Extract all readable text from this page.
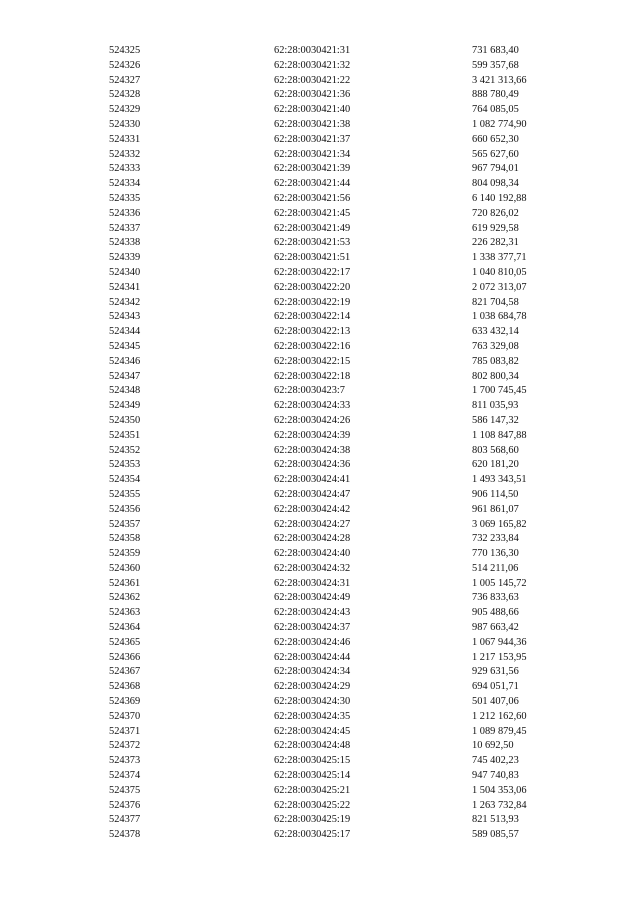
524325	62:28:0030421:31	731 683,40
524326	62:28:0030421:32	599 357,68
524327	62:28:0030421:22	3 421 313,66
524328	62:28:0030421:36	888 780,49
524329	62:28:0030421:40	764 085,05
524330	62:28:0030421:38	1 082 774,90
524331	62:28:0030421:37	660 652,30
524332	62:28:0030421:34	565 627,60
524333	62:28:0030421:39	967 794,01
524334	62:28:0030421:44	804 098,34
524335	62:28:0030421:56	6 140 192,88
524336	62:28:0030421:45	720 826,02
524337	62:28:0030421:49	619 929,58
524338	62:28:0030421:53	226 282,31
524339	62:28:0030421:51	1 338 377,71
524340	62:28:0030422:17	1 040 810,05
524341	62:28:0030422:20	2 072 313,07
524342	62:28:0030422:19	821 704,58
524343	62:28:0030422:14	1 038 684,78
524344	62:28:0030422:13	633 432,14
524345	62:28:0030422:16	763 329,08
524346	62:28:0030422:15	785 083,82
524347	62:28:0030422:18	802 800,34
524348	62:28:0030423:7	1 700 745,45
524349	62:28:0030424:33	811 035,93
524350	62:28:0030424:26	586 147,32
524351	62:28:0030424:39	1 108 847,88
524352	62:28:0030424:38	803 568,60
524353	62:28:0030424:36	620 181,20
524354	62:28:0030424:41	1 493 343,51
524355	62:28:0030424:47	906 114,50
524356	62:28:0030424:42	961 861,07
524357	62:28:0030424:27	3 069 165,82
524358	62:28:0030424:28	732 233,84
524359	62:28:0030424:40	770 136,30
524360	62:28:0030424:32	514 211,06
524361	62:28:0030424:31	1 005 145,72
524362	62:28:0030424:49	736 833,63
524363	62:28:0030424:43	905 488,66
524364	62:28:0030424:37	987 663,42
524365	62:28:0030424:46	1 067 944,36
524366	62:28:0030424:44	1 217 153,95
524367	62:28:0030424:34	929 631,56
524368	62:28:0030424:29	694 051,71
524369	62:28:0030424:30	501 407,06
524370	62:28:0030424:35	1 212 162,60
524371	62:28:0030424:45	1 089 879,45
524372	62:28:0030424:48	10 692,50
524373	62:28:0030425:15	745 402,23
524374	62:28:0030425:14	947 740,83
524375	62:28:0030425:21	1 504 353,06
524376	62:28:0030425:22	1 263 732,84
524377	62:28:0030425:19	821 513,93
524378	62:28:0030425:17	589 085,57
